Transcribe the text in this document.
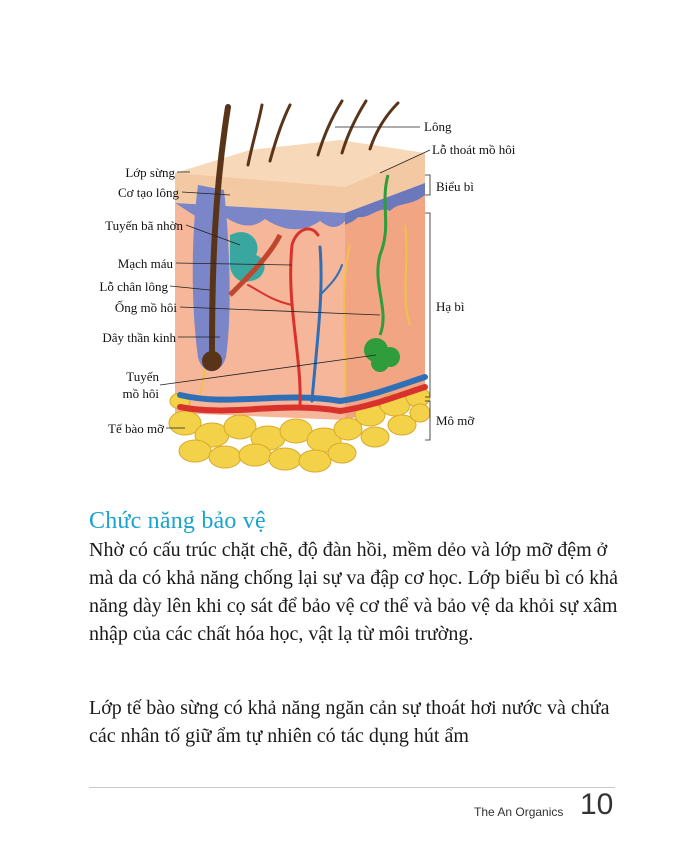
Lớp sừng
Cơ tạo lông
Tuyến bã nhờn
Mạch máu
Lỗ chân lông
Ống mồ hôi
Dây thần kinh
Tuyến
mồ hôi
Tế bào mỡ
Lông
Lỗ thoát mồ hôi
Biểu bì
Hạ bì
Mô mỡ
Chức năng bảo vệ

Nhờ có cấu trúc chặt chẽ, độ đàn hồi, mềm dẻo và lớp mỡ đệm ở mà da có khả năng chống lại sự va đập cơ học. Lớp biểu bì có khả năng dày lên khi cọ sát để bảo vệ cơ thể và bảo vệ da khỏi sự xâm nhập của các chất hóa học, vật lạ từ môi trường.

Lớp tế bào sừng có khả năng ngăn cản sự thoát hơi nước và chứa các nhân tố giữ ẩm tự nhiên có tác dụng hút ẩm

The An Organics 10
